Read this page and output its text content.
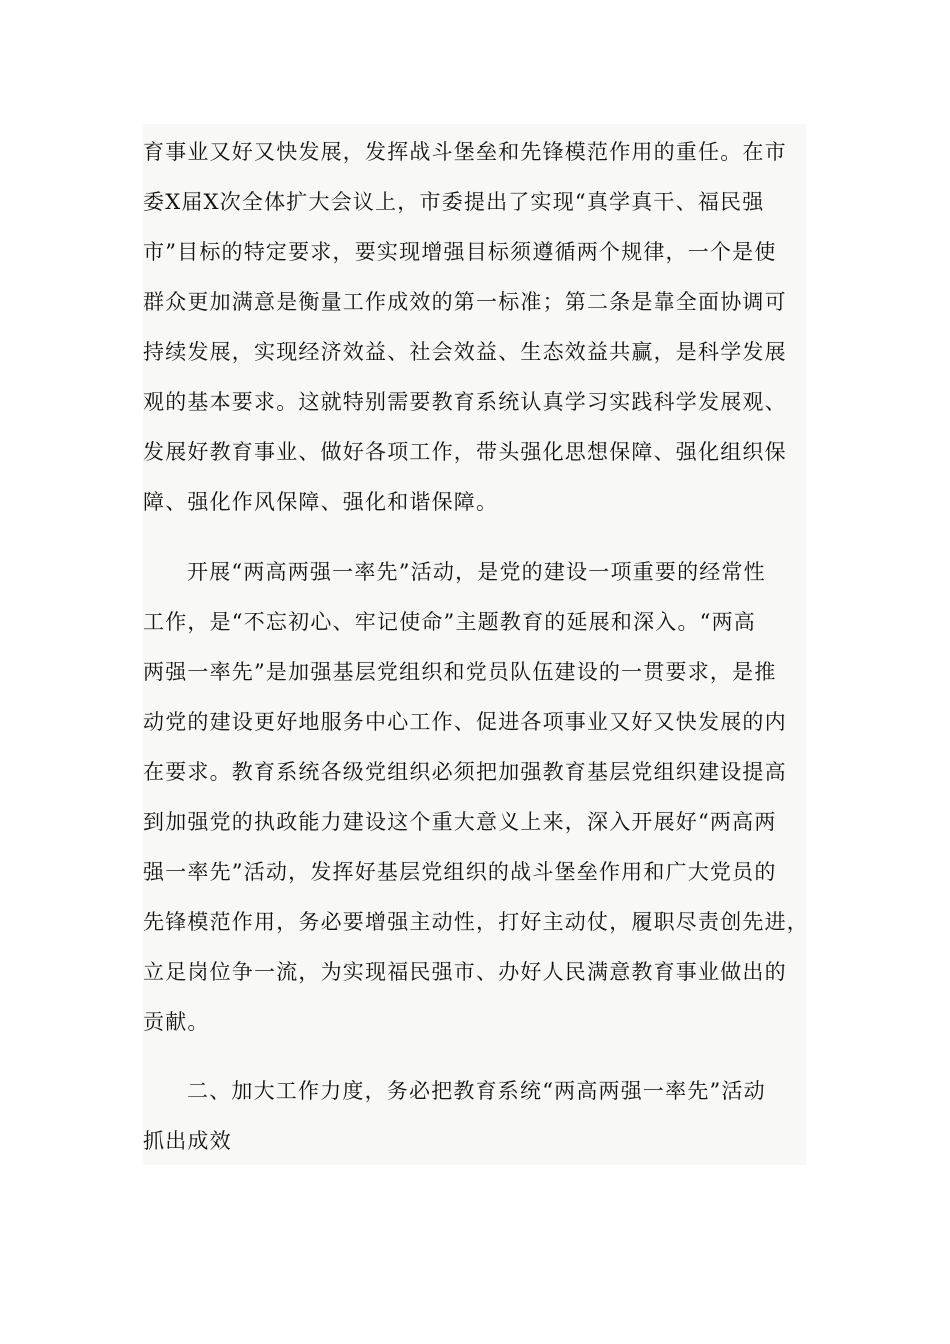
育事业又好又快发展，发挥战斗堡垒和先锋模范作用的重任。在市
委X届X次全体扩大会议上，市委提出了实现“真学真干、福民强
市”目标的特定要求，要实现增强目标须遵循两个规律，一个是使
群众更加满意是衡量工作成效的第一标准；第二条是靠全面协调可
持续发展，实现经济效益、社会效益、生态效益共赢，是科学发展
观的基本要求。这就特别需要教育系统认真学习实践科学发展观、
发展好教育事业、做好各项工作，带头强化思想保障、强化组织保
障、强化作风保障、强化和谐保障。
开展“两高两强一率先”活动，是党的建设一项重要的经常性
工作，是“不忘初心、牢记使命”主题教育的延展和深入。“两高
两强一率先”是加强基层党组织和党员队伍建设的一贯要求，是推
动党的建设更好地服务中心工作、促进各项事业又好又快发展的内
在要求。教育系统各级党组织必须把加强教育基层党组织建设提高
到加强党的执政能力建设这个重大意义上来，深入开展好“两高两
强一率先”活动，发挥好基层党组织的战斗堡垒作用和广大党员的
先锋模范作用，务必要增强主动性，打好主动仗，履职尽责创先进，
立足岗位争一流，为实现福民强市、办好人民满意教育事业做出的
贡献。
二、加大工作力度，务必把教育系统“两高两强一率先”活动
抓出成效
